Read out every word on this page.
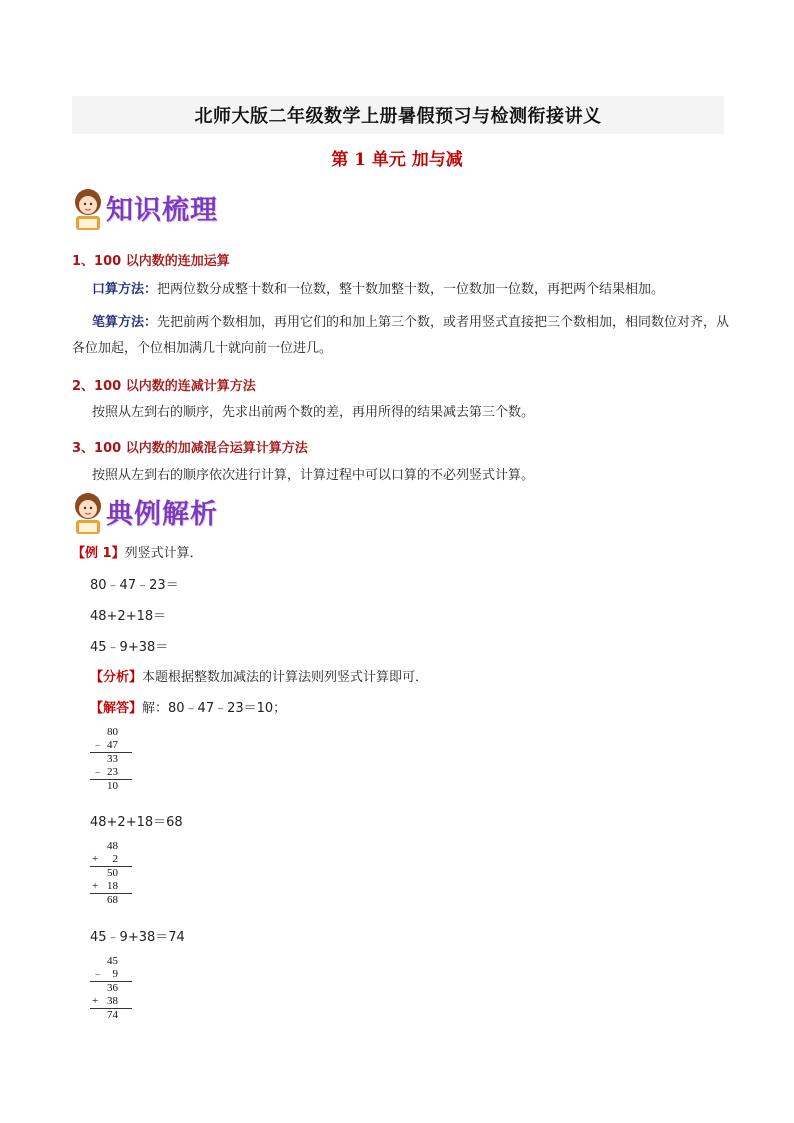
北师大版二年级数学上册暑假预习与检测衔接讲义
第 1 单元 加与减
知识梳理
1、100 以内数的连加运算
口算方法：把两位数分成整十数和一位数，整十数加整十数，一位数加一位数，再把两个结果相加。
笔算方法：先把前两个数相加，再用它们的和加上第三个数，或者用竖式直接把三个数相加，相同数位对齐，从各位加起，个位相加满几十就向前一位进几。
2、100 以内数的连减计算方法
按照从左到右的顺序，先求出前两个数的差，再用所得的结果减去第三个数。
3、100 以内数的加减混合运算计算方法
按照从左到右的顺序依次进行计算，计算过程中可以口算的不必列竖式计算。
典例解析
【例 1】列竖式计算．
80﹣47﹣23＝
48+2+18＝
45﹣9+38＝
【分析】本题根据整数加减法的计算法则列竖式计算即可．
【解答】解：80﹣47﹣23＝10；
80
﹣ 47
33
﹣ 23
10
48+2+18＝68
48
+ 2
50
+ 18
68
45﹣9+38＝74
45
﹣ 9
36
+ 38
74
